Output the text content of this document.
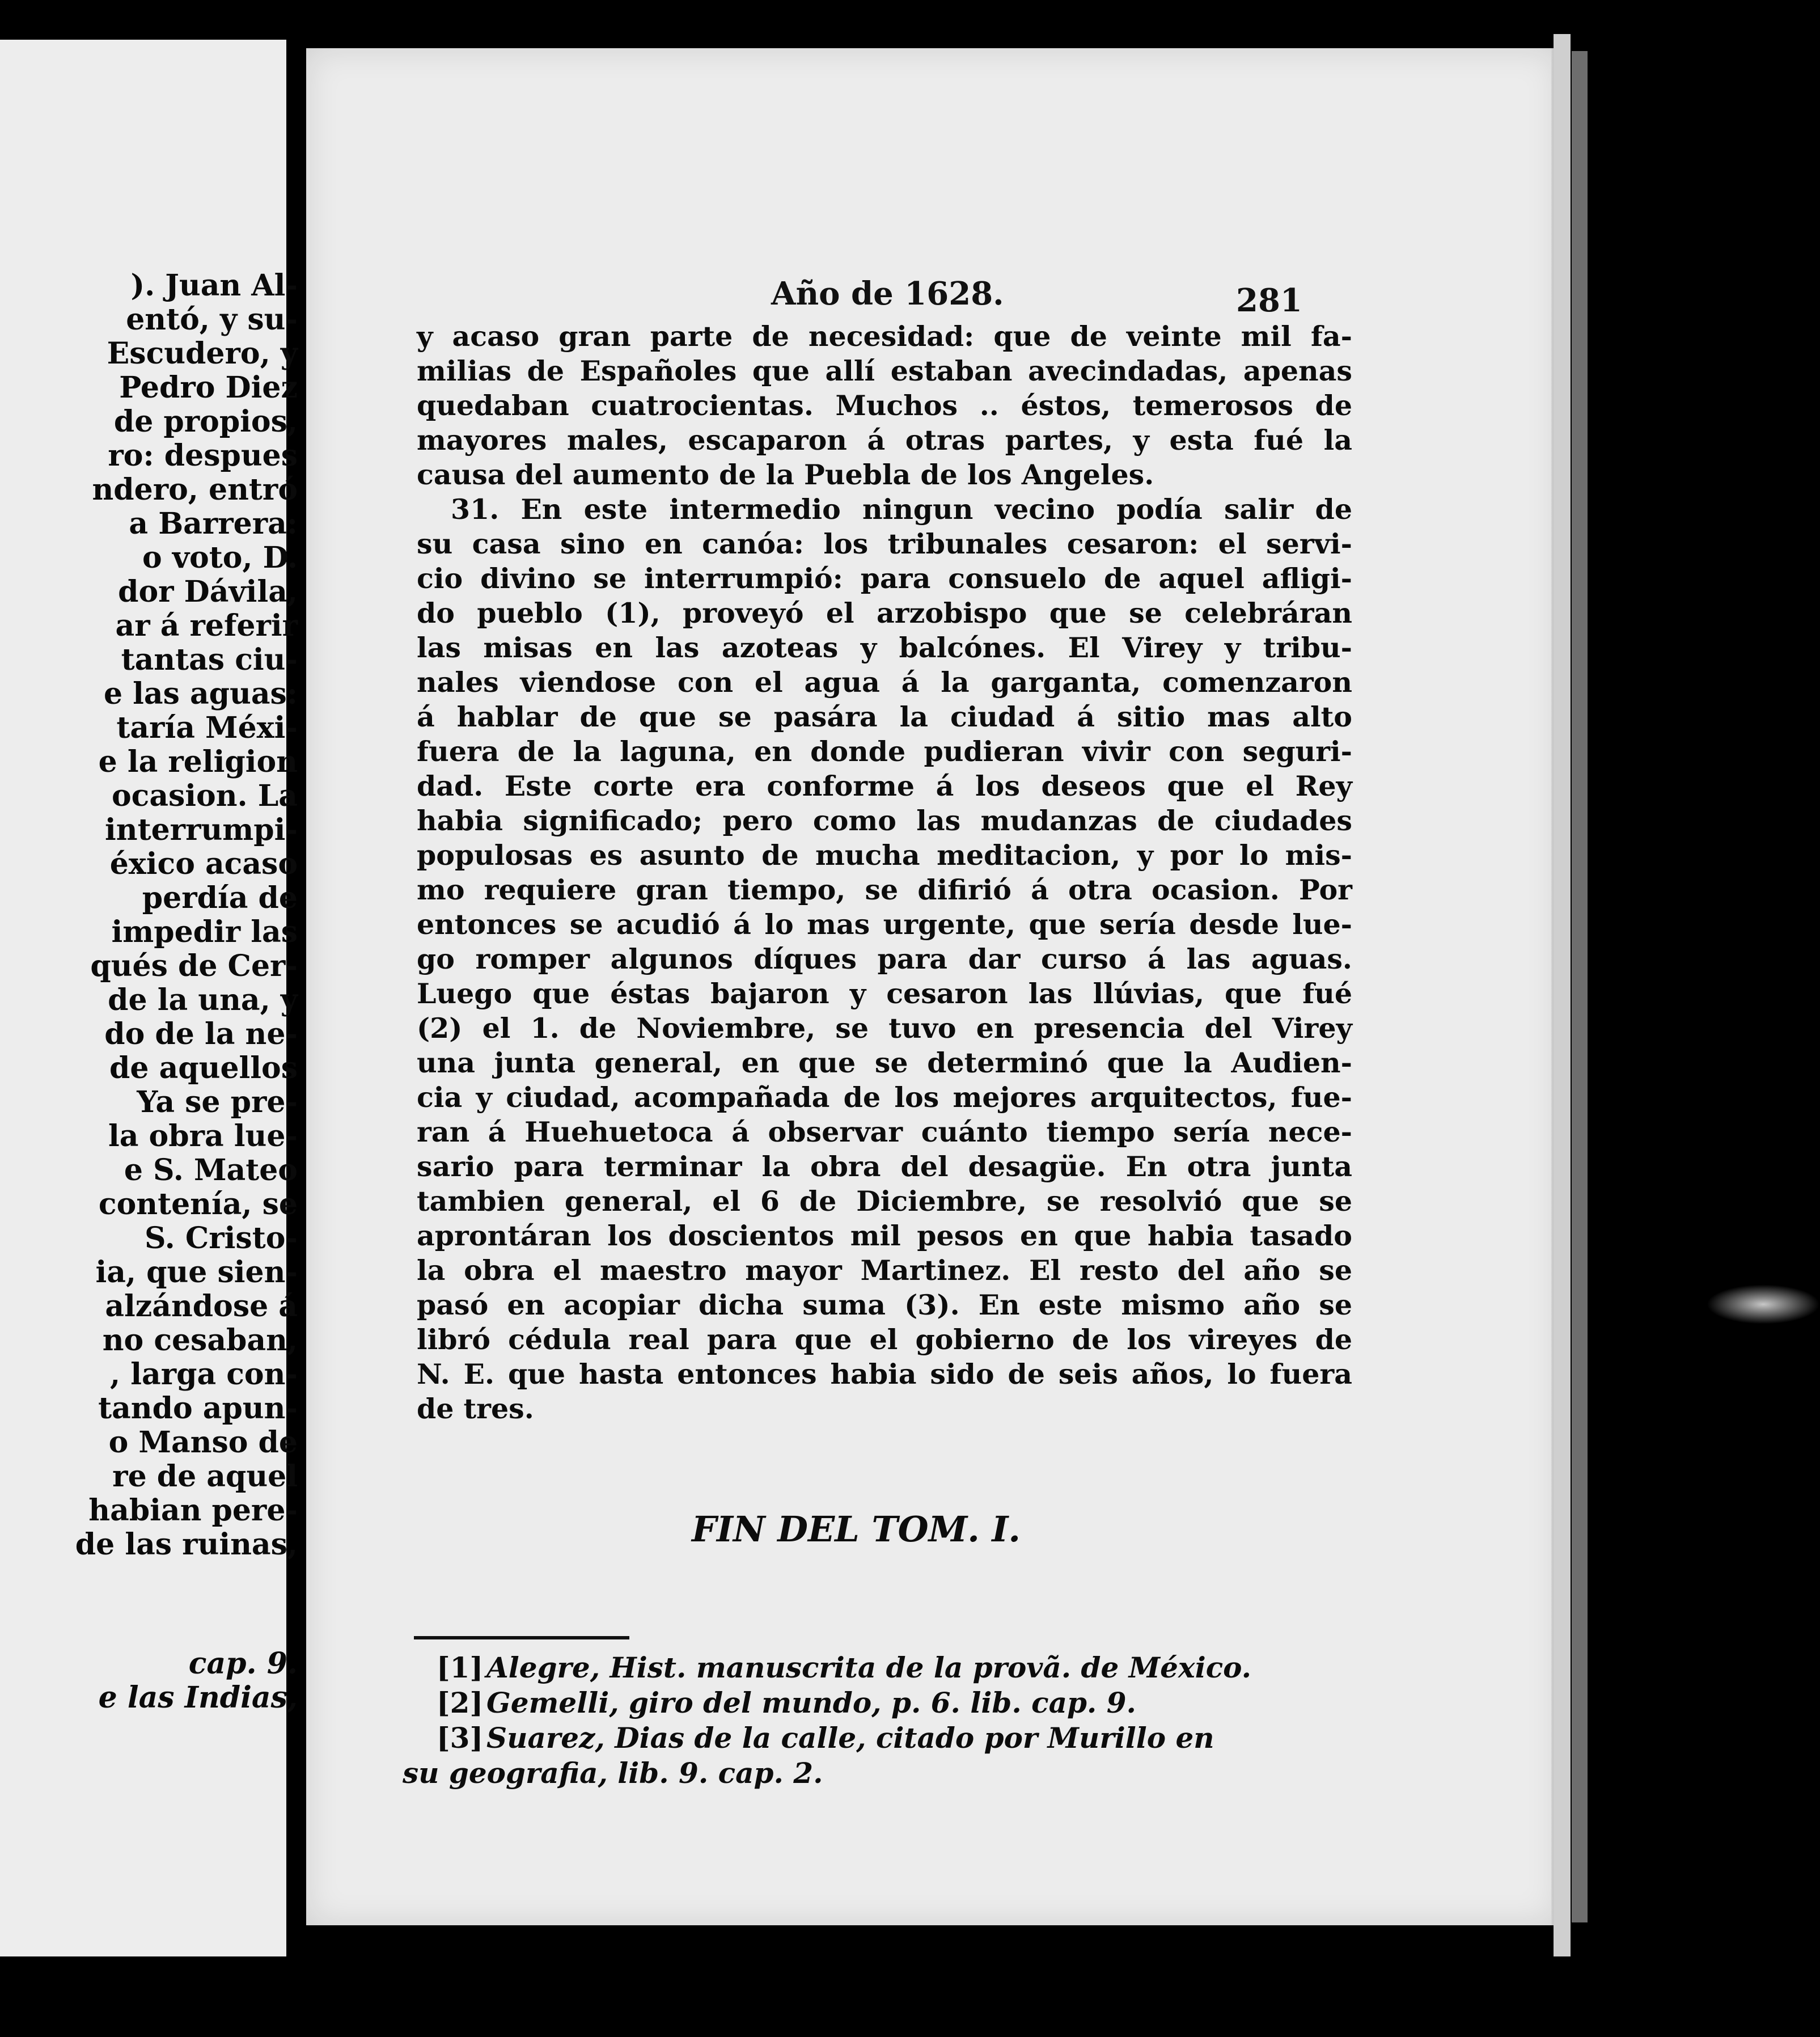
). Juan Al-
entó, y su-
Escudero, y
Pedro Diez
de propios,
ro: despues
ndero, entró
a Barrera:
o voto, D.
dor Dávila,
ar á referir
tantas ciu-
e las aguas:
taría Méxi-
e la religion
ocasion. La
interrumpi-
éxico acaso
perdía de
impedir las
qués de Cer-
de la una, y
do de la ne-
de aquellos
Ya se pre-
la obra lue-
e S. Mateo
contenía, se
S. Cristo-
ia, que sien-
alzándose á
no cesaban,
, larga con-
tando apun-
o Manso de
re de aquel
habian pere-
de las ruinas,
cap. 9.
e las Indias,
Año de 1628.	281
y acaso gran parte de necesidad: que de veinte mil fa-
milias de Españoles que allí estaban avecindadas, apenas
quedaban cuatrocientas. Muchos .. éstos, temerosos de
mayores males, escaparon á otras partes, y esta fué la
causa del aumento de la Puebla de los Angeles.
31. En este intermedio ningun vecino podía salir de
su casa sino en canóa: los tribunales cesaron: el servi-
cio divino se interrumpió: para consuelo de aquel afligi-
do pueblo (1), proveyó el arzobispo que se celebráran
las misas en las azoteas y balcónes. El Virey y tribu-
nales viendose con el agua á la garganta, comenzaron
á hablar de que se pasára la ciudad á sitio mas alto
fuera de la laguna, en donde pudieran vivir con seguri-
dad. Este corte era conforme á los deseos que el Rey
habia significado; pero como las mudanzas de ciudades
populosas es asunto de mucha meditacion, y por lo mis-
mo requiere gran tiempo, se difirió á otra ocasion. Por
entonces se acudió á lo mas urgente, que sería desde lue-
go romper algunos díques para dar curso á las aguas.
Luego que éstas bajaron y cesaron las llúvias, que fué
(2) el 1. de Noviembre, se tuvo en presencia del Virey
una junta general, en que se determinó que la Audien-
cia y ciudad, acompañada de los mejores arquitectos, fue-
ran á Huehuetoca á observar cuánto tiempo sería nece-
sario para terminar la obra del desagüe. En otra junta
tambien general, el 6 de Diciembre, se resolvió que se
aprontáran los doscientos mil pesos en que habia tasado
la obra el maestro mayor Martinez. El resto del año se
pasó en acopiar dicha suma (3). En este mismo año se
libró cédula real para que el gobierno de los vireyes de
N. E. que hasta entonces habia sido de seis años, lo fuera
de tres.
FIN DEL TOM. I.
[1] Alegre, Hist. manuscrita de la provã. de México.
[2] Gemelli, giro del mundo, p. 6. lib. cap. 9.
[3] Suarez, Dias de la calle, citado por Murillo en
su geografia, lib. 9. cap. 2.
